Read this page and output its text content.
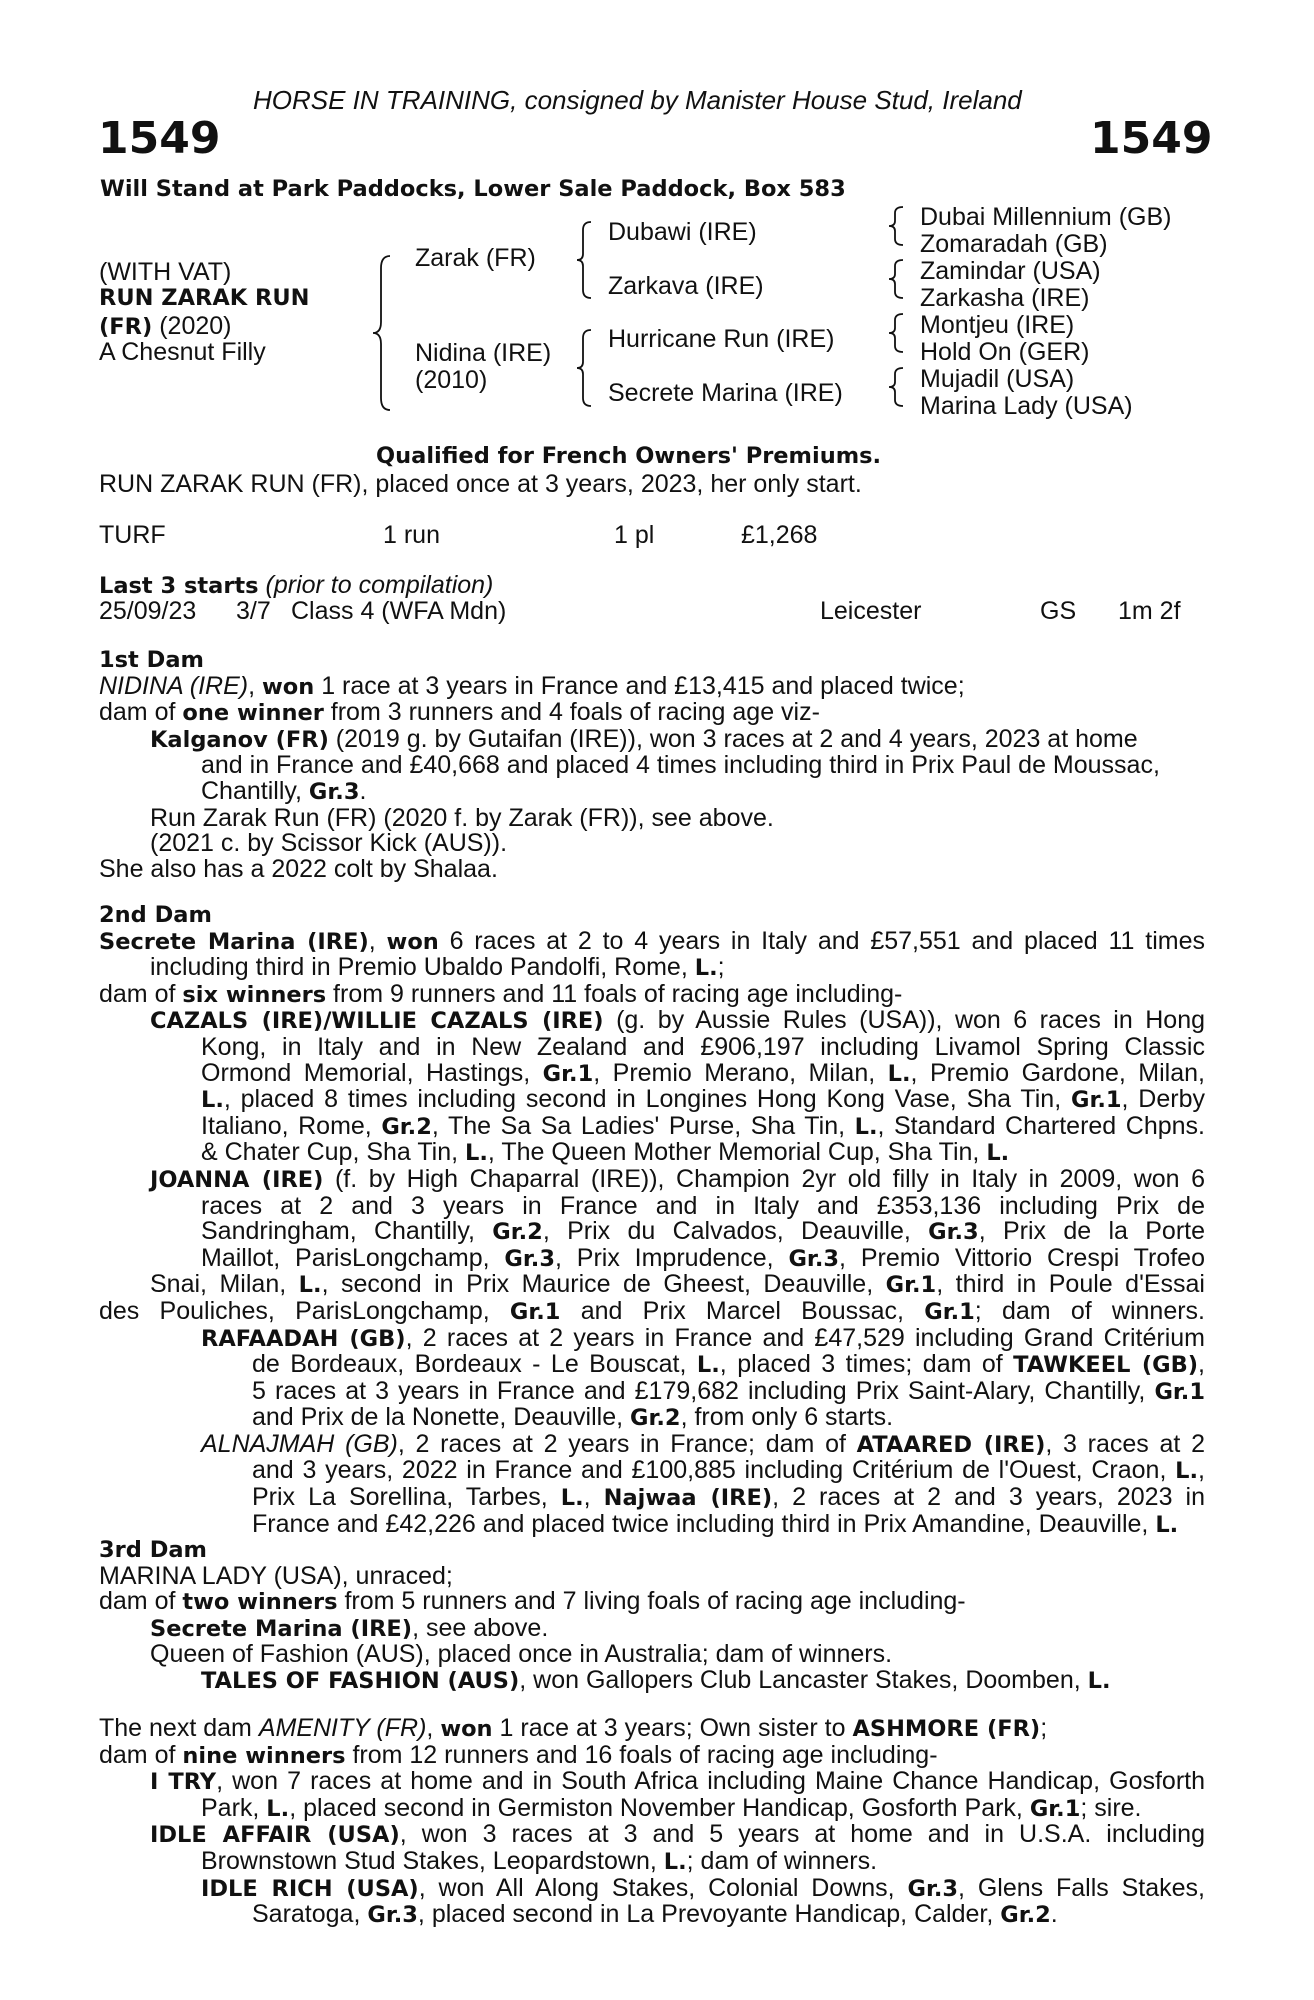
HORSE IN TRAINING, consigned by Manister House Stud, Ireland
1549	1549
Will Stand at Park Paddocks, Lower Sale Paddock, Box 583
(WITH VAT)
RUN ZARAK RUN
(FR) (2020)
A Chesnut Filly
Zarak (FR)
Nidina (IRE)
(2010)
Dubawi (IRE)
Zarkava (IRE)
Hurricane Run (IRE)
Secrete Marina (IRE)
Dubai Millennium (GB)
Zomaradah (GB)
Zamindar (USA)
Zarkasha (IRE)
Montjeu (IRE)
Hold On (GER)
Mujadil (USA)
Marina Lady (USA)
Qualified for French Owners' Premiums.
RUN ZARAK RUN (FR), placed once at 3 years, 2023, her only start.
TURF	1 run	1 pl	£1,268
Last 3 starts (prior to compilation)
25/09/23 3/7 Class 4 (WFA Mdn)	Leicester	GS 1m 2f
1st Dam
NIDINA (IRE), won 1 race at 3 years in France and £13,415 and placed twice;
dam of one winner from 3 runners and 4 foals of racing age viz-
Kalganov (FR) (2019 g. by Gutaifan (IRE)), won 3 races at 2 and 4 years, 2023 at home
and in France and £40,668 and placed 4 times including third in Prix Paul de Moussac,
Chantilly, Gr.3.
Run Zarak Run (FR) (2020 f. by Zarak (FR)), see above.
(2021 c. by Scissor Kick (AUS)).
She also has a 2022 colt by Shalaa.
2nd Dam
Secrete Marina (IRE), won 6 races at 2 to 4 years in Italy and £57,551 and placed 11 times
including third in Premio Ubaldo Pandolfi, Rome, L.;
dam of six winners from 9 runners and 11 foals of racing age including-
CAZALS (IRE)/WILLIE CAZALS (IRE) (g. by Aussie Rules (USA)), won 6 races in Hong
Kong, in Italy and in New Zealand and £906,197 including Livamol Spring Classic
Ormond Memorial, Hastings, Gr.1, Premio Merano, Milan, L., Premio Gardone, Milan,
L., placed 8 times including second in Longines Hong Kong Vase, Sha Tin, Gr.1, Derby
Italiano, Rome, Gr.2, The Sa Sa Ladies' Purse, Sha Tin, L., Standard Chartered Chpns.
& Chater Cup, Sha Tin, L., The Queen Mother Memorial Cup, Sha Tin, L.
JOANNA (IRE) (f. by High Chaparral (IRE)), Champion 2yr old filly in Italy in 2009, won 6
races at 2 and 3 years in France and in Italy and £353,136 including Prix de
Sandringham, Chantilly, Gr.2, Prix du Calvados, Deauville, Gr.3, Prix de la Porte
Maillot, ParisLongchamp, Gr.3, Prix Imprudence, Gr.3, Premio Vittorio Crespi Trofeo
Snai, Milan, L., second in Prix Maurice de Gheest, Deauville, Gr.1, third in Poule d'Essai
des Pouliches, ParisLongchamp, Gr.1 and Prix Marcel Boussac, Gr.1; dam of winners.
RAFAADAH (GB), 2 races at 2 years in France and £47,529 including Grand Critérium
de Bordeaux, Bordeaux - Le Bouscat, L., placed 3 times; dam of TAWKEEL (GB),
5 races at 3 years in France and £179,682 including Prix Saint-Alary, Chantilly, Gr.1
and Prix de la Nonette, Deauville, Gr.2, from only 6 starts.
ALNAJMAH (GB), 2 races at 2 years in France; dam of ATAARED (IRE), 3 races at 2
and 3 years, 2022 in France and £100,885 including Critérium de l'Ouest, Craon, L.,
Prix La Sorellina, Tarbes, L., Najwaa (IRE), 2 races at 2 and 3 years, 2023 in
France and £42,226 and placed twice including third in Prix Amandine, Deauville, L.
3rd Dam
MARINA LADY (USA), unraced;
dam of two winners from 5 runners and 7 living foals of racing age including-
Secrete Marina (IRE), see above.
Queen of Fashion (AUS), placed once in Australia; dam of winners.
TALES OF FASHION (AUS), won Gallopers Club Lancaster Stakes, Doomben, L.
The next dam AMENITY (FR), won 1 race at 3 years; Own sister to ASHMORE (FR);
dam of nine winners from 12 runners and 16 foals of racing age including-
I TRY, won 7 races at home and in South Africa including Maine Chance Handicap, Gosforth
Park, L., placed second in Germiston November Handicap, Gosforth Park, Gr.1; sire.
IDLE AFFAIR (USA), won 3 races at 3 and 5 years at home and in U.S.A. including
Brownstown Stud Stakes, Leopardstown, L.; dam of winners.
IDLE RICH (USA), won All Along Stakes, Colonial Downs, Gr.3, Glens Falls Stakes,
Saratoga, Gr.3, placed second in La Prevoyante Handicap, Calder, Gr.2.
